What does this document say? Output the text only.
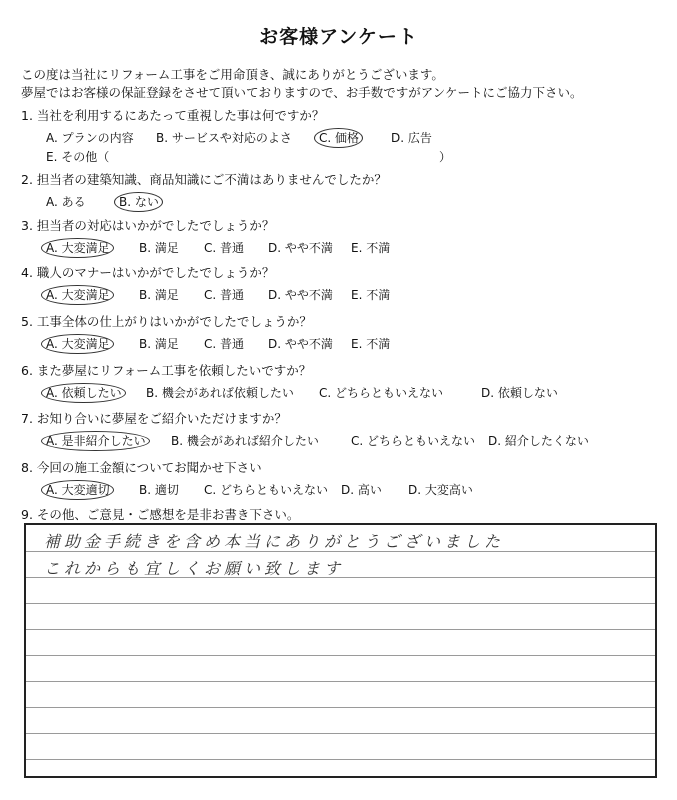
お客様アンケート
この度は当社にリフォーム工事をご用命頂き、誠にありがとうございます。
夢屋ではお客様の保証登録をさせて頂いておりますので、お手数ですがアンケートにご協力下さい。
1. 当社を利用するにあたって重視した事は何ですか？
A. プランの内容 B. サービスや対応のよさ C. 価格	D. 広告
E. その他（	）
2. 担当者の建築知識、商品知識にご不満はありませんでしたか？
A. ある	B. ない
3. 担当者の対応はいかがでしたでしょうか？
A. 大変満足 B. 満足 C. 普通 D. やや不満 E. 不満
4. 職人のマナーはいかがでしたでしょうか？
A. 大変満足 B. 満足 C. 普通 D. やや不満 E. 不満
5. 工事全体の仕上がりはいかがでしたでしょうか？
A. 大変満足 B. 満足 C. 普通 D. やや不満 E. 不満
6. また夢屋にリフォーム工事を依頼したいですか？
A. 依頼したい B. 機会があれば依頼したい C. どちらともいえない	D. 依頼しない
7. お知り合いに夢屋をご紹介いただけますか？
A. 是非紹介したい B. 機会があれば紹介したい	C. どちらともいえない D. 紹介したくない
8. 今回の施工金額についてお聞かせ下さい
A. 大変適切 B. 適切 C. どちらともいえない D. 高い D. 大変高い
9. その他、ご意見・ご感想を是非お書き下さい。
補助金手続きを含め本当にありがとうございました
これからも宜しくお願い致します
